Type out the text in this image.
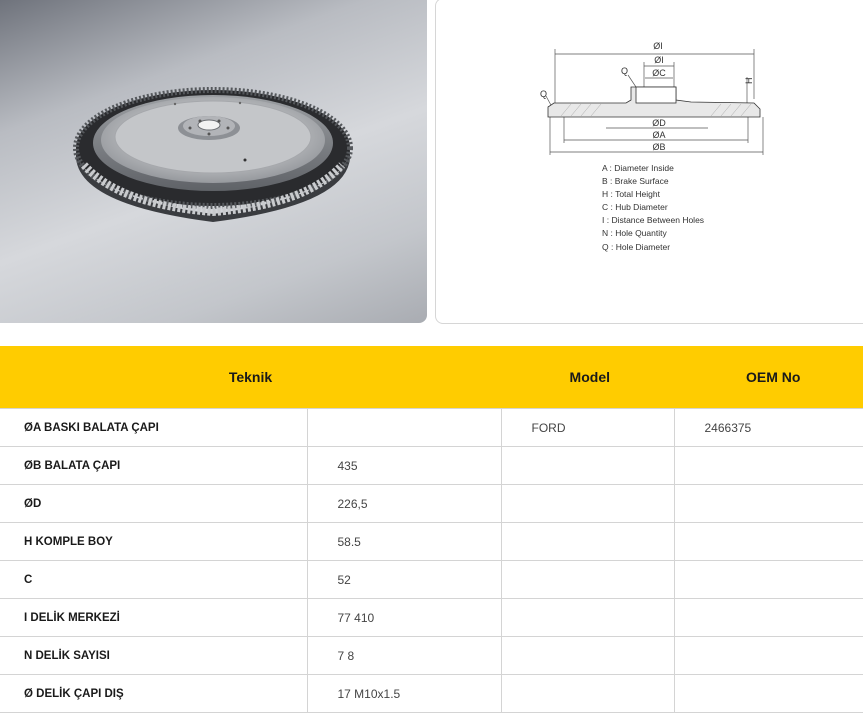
ØI
ØI
ØC
Q
Q
H
ØD
ØA
ØB
A : Diameter Inside
B : Brake Surface
H : Total Height
C : Hub Diameter
I : Distance Between Holes
N : Hole Quantity
Q : Hole Diameter
Teknik		Model	OEM No
ØA BASKI BALATA ÇAPI		FORD	2466375
ØB BALATA ÇAPI	435		
ØD	226,5		
H KOMPLE BOY	58.5		
C	52		
I DELİK MERKEZİ	77 410		
N DELİK SAYISI	7 8		
Ø DELİK ÇAPI DIŞ	17 M10x1.5		
